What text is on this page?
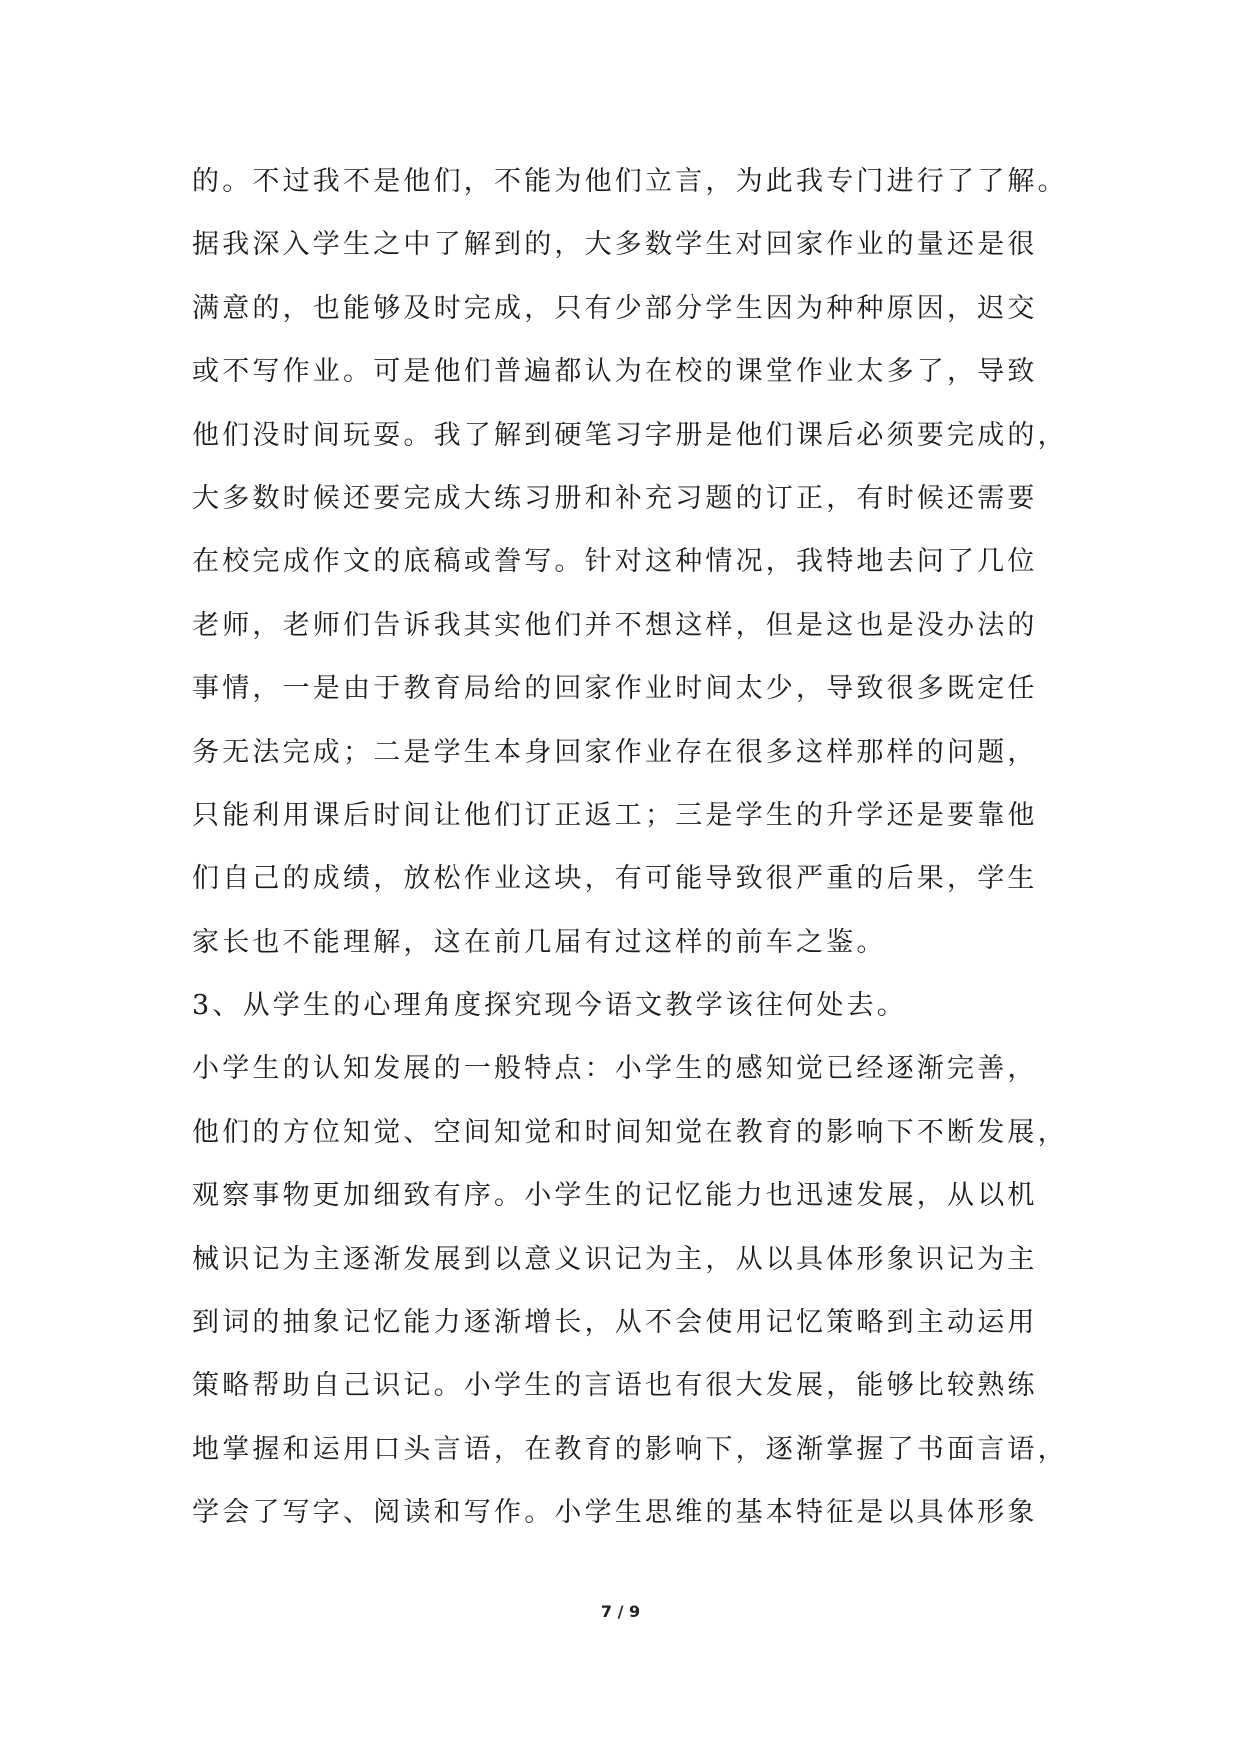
的。不过我不是他们，不能为他们立言，为此我专门进行了了解。
据我深入学生之中了解到的，大多数学生对回家作业的量还是很
满意的，也能够及时完成，只有少部分学生因为种种原因，迟交
或不写作业。可是他们普遍都认为在校的课堂作业太多了，导致
他们没时间玩耍。我了解到硬笔习字册是他们课后必须要完成的，
大多数时候还要完成大练习册和补充习题的订正，有时候还需要
在校完成作文的底稿或誊写。针对这种情况，我特地去问了几位
老师，老师们告诉我其实他们并不想这样，但是这也是没办法的
事情，一是由于教育局给的回家作业时间太少，导致很多既定任
务无法完成；二是学生本身回家作业存在很多这样那样的问题，
只能利用课后时间让他们订正返工；三是学生的升学还是要靠他
们自己的成绩，放松作业这块，有可能导致很严重的后果，学生
家长也不能理解，这在前几届有过这样的前车之鉴。
3、从学生的心理角度探究现今语文教学该往何处去。
小学生的认知发展的一般特点：小学生的感知觉已经逐渐完善，
他们的方位知觉、空间知觉和时间知觉在教育的影响下不断发展，
观察事物更加细致有序。小学生的记忆能力也迅速发展，从以机
械识记为主逐渐发展到以意义识记为主，从以具体形象识记为主
到词的抽象记忆能力逐渐增长，从不会使用记忆策略到主动运用
策略帮助自己识记。小学生的言语也有很大发展，能够比较熟练
地掌握和运用口头言语，在教育的影响下，逐渐掌握了书面言语，
学会了写字、阅读和写作。小学生思维的基本特征是以具体形象
7 / 9
